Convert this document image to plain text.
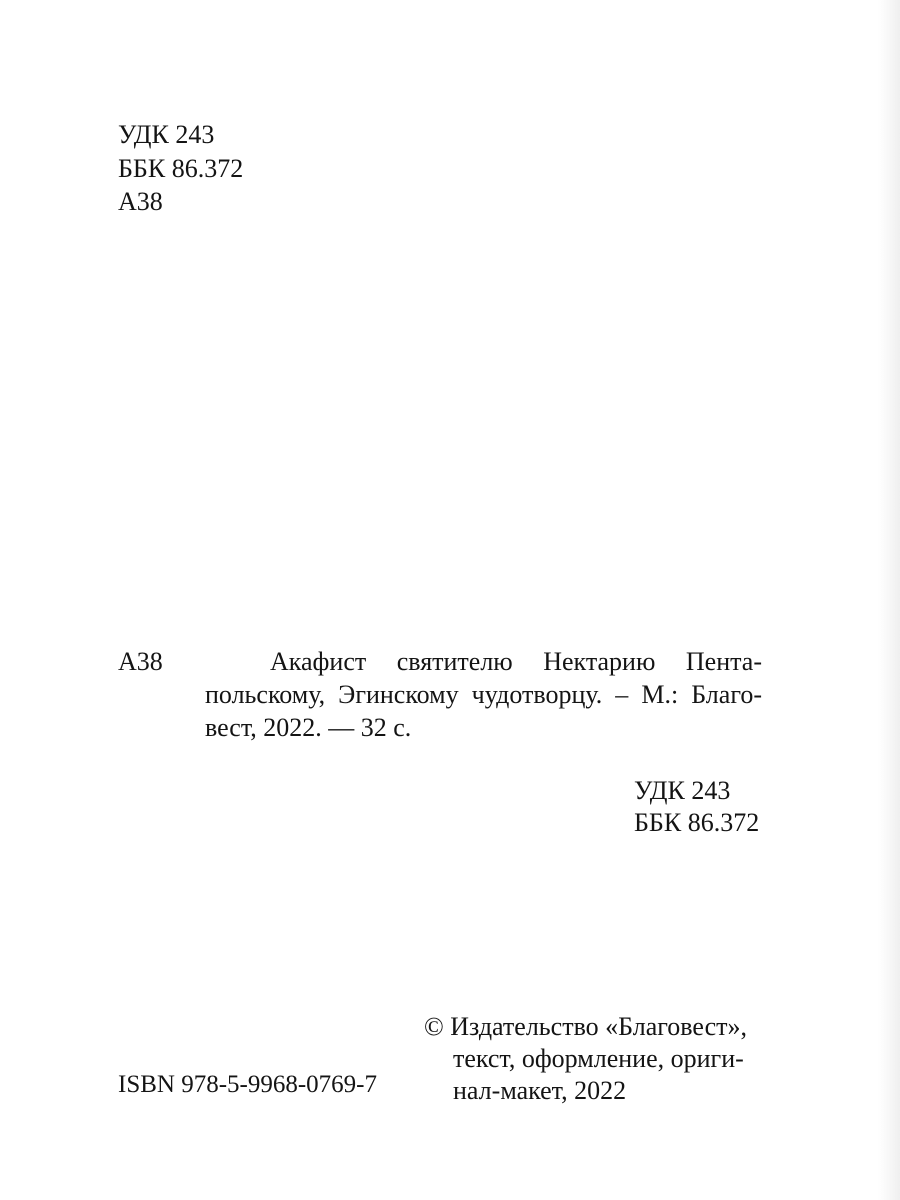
УДК 243
ББК 86.372
А38
А38	Акафист святителю Нектарию Пента-
польскому, Эгинскому чудотворцу. – М.: Благо-
вест, 2022. — 32 с.
УДК 243
ББК 86.372
ISBN 978-5-9968-0769-7
© Издательство «Благовест»,
текст, оформление, ориги-
нал-макет, 2022
